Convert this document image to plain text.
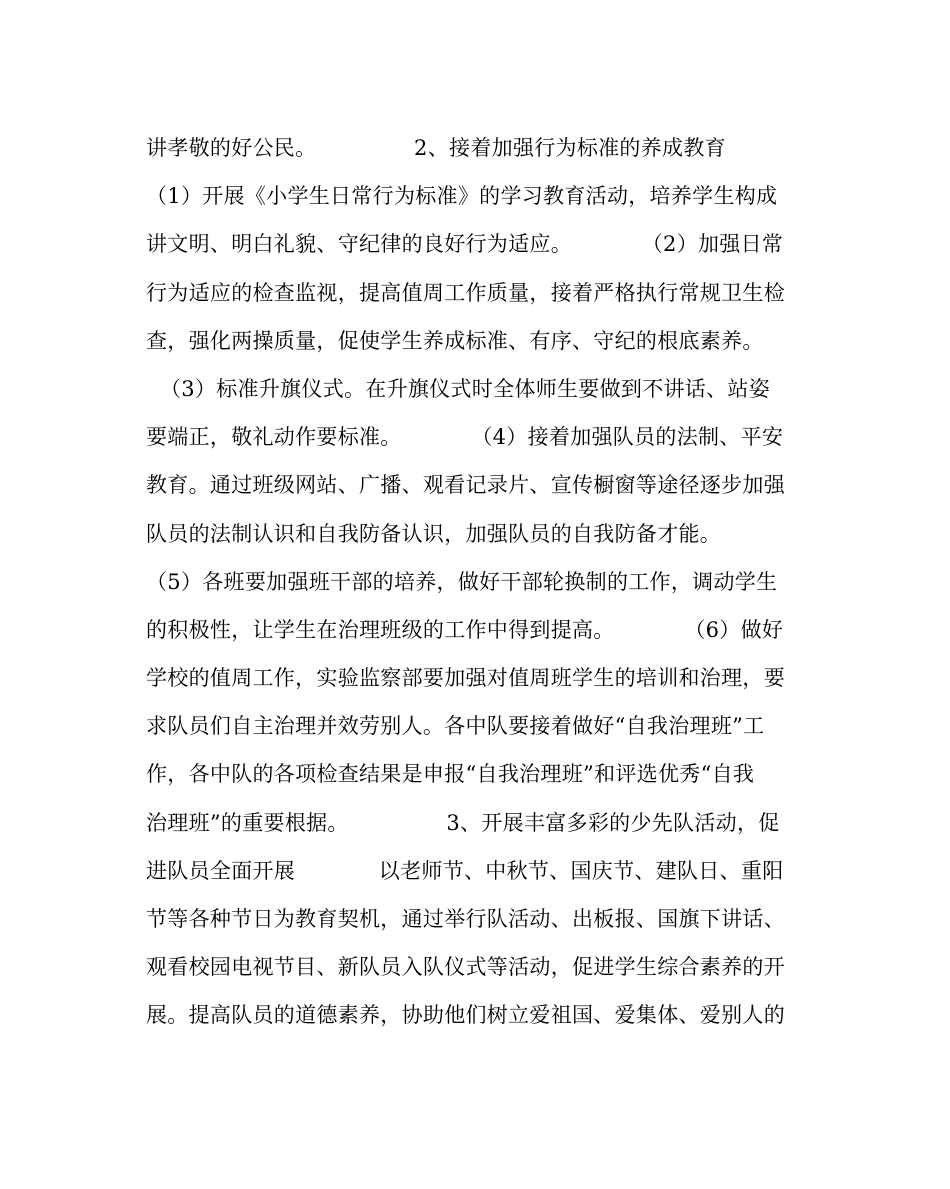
讲孝敬的好公民。              2、接着加强行为标准的养成教育
（1）开展《小学生日常行为标准》的学习教育活动，培养学生构成
讲文明、明白礼貌、守纪律的良好行为适应。          （2）加强日常
行为适应的检查监视，提高值周工作质量，接着严格执行常规卫生检
查，强化两操质量，促使学生养成标准、有序、守纪的根底素养。
（3）标准升旗仪式。在升旗仪式时全体师生要做到不讲话、站姿
要端正，敬礼动作要标准。          （4）接着加强队员的法制、平安
教育。通过班级网站、广播、观看记录片、宣传橱窗等途径逐步加强
队员的法制认识和自我防备认识，加强队员的自我防备才能。
（5）各班要加强班干部的培养，做好干部轮换制的工作，调动学生
的积极性，让学生在治理班级的工作中得到提高。          （6）做好
学校的值周工作，实验监察部要加强对值周班学生的培训和治理，要
求队员们自主治理并效劳别人。各中队要接着做好“自我治理班”工
作，各中队的各项检查结果是申报“自我治理班”和评选优秀“自我
治理班”的重要根据。              3、开展丰富多彩的少先队活动，促
进队员全面开展            以老师节、中秋节、国庆节、建队日、重阳
节等各种节日为教育契机，通过举行队活动、出板报、国旗下讲话、
观看校园电视节目、新队员入队仪式等活动，促进学生综合素养的开
展。提高队员的道德素养，协助他们树立爱祖国、爱集体、爱别人的
